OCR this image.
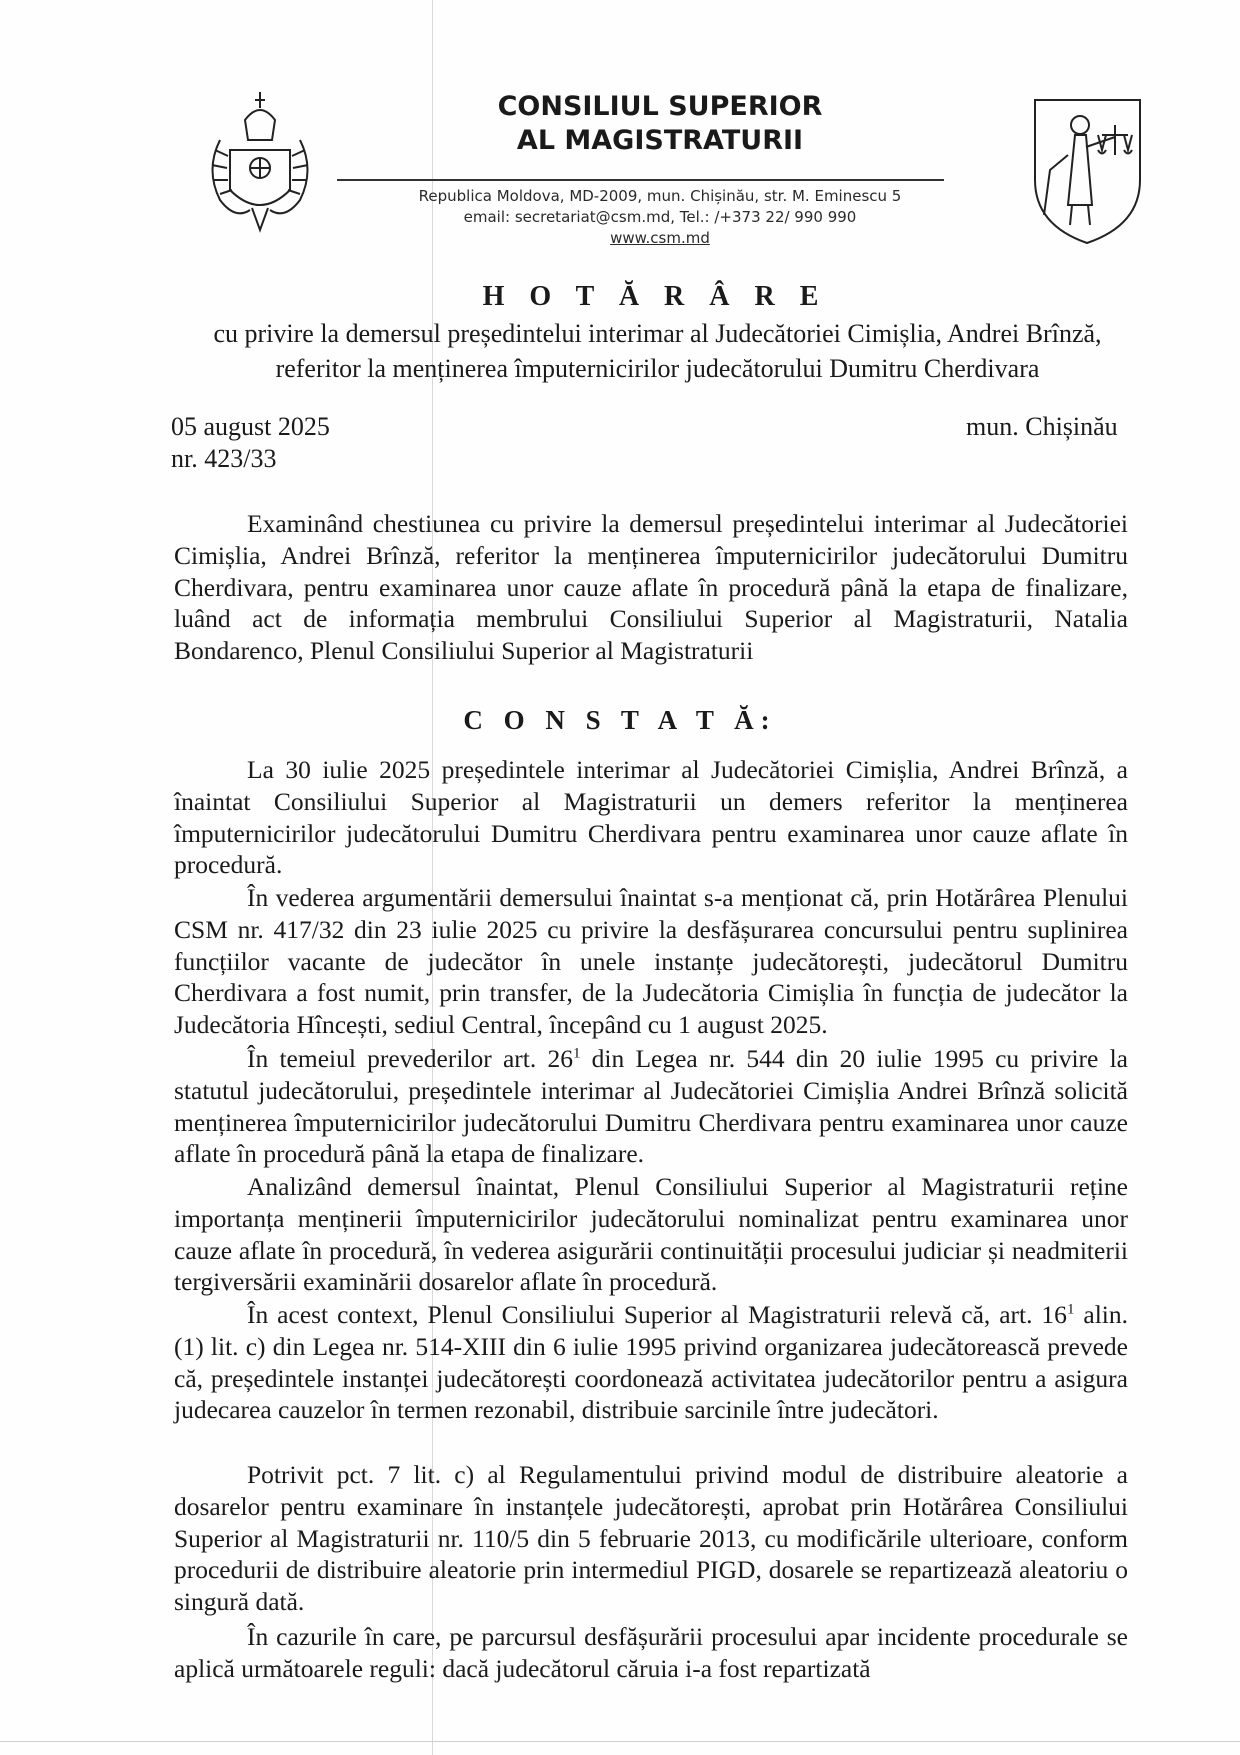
CONSILIUL SUPERIOR
AL MAGISTRATURII
Republica Moldova, MD-2009, mun. Chișinău, str. M. Eminescu 5
email: secretariat@csm.md, Tel.: /+373 22/ 990 990
www.csm.md
H O T Ă R Â R E
cu privire la demersul președintelui interimar al Judecătoriei Cimișlia, Andrei Brînză, referitor la menținerea împuternicirilor judecătorului Dumitru Cherdivara
05 august 2025
nr. 423/33
mun. Chișinău

Examinând chestiunea cu privire la demersul președintelui interimar al Judecătoriei Cimișlia, Andrei Brînză, referitor la menținerea împuternicirilor judecătorului Dumitru Cherdivara, pentru examinarea unor cauze aflate în procedură până la etapa de finalizare, luând act de informația membrului Consiliului Superior al Magistraturii, Natalia Bondarenco, Plenul Consiliului Superior al Magistraturii

C O N S T A T Ă:

La 30 iulie 2025 președintele interimar al Judecătoriei Cimișlia, Andrei Brînză, a înaintat Consiliului Superior al Magistraturii un demers referitor la menținerea împuternicirilor judecătorului Dumitru Cherdivara pentru examinarea unor cauze aflate în procedură.

În vederea argumentării demersului înaintat s-a menționat că, prin Hotărârea Plenului CSM nr. 417/32 din 23 iulie 2025 cu privire la desfășurarea concursului pentru suplinirea funcțiilor vacante de judecător în unele instanțe judecătorești, judecătorul Dumitru Cherdivara a fost numit, prin transfer, de la Judecătoria Cimișlia în funcția de judecător la Judecătoria Hîncești, sediul Central, începând cu 1 august 2025.

În temeiul prevederilor art. $26^1$ din Legea nr. 544 din 20 iulie 1995 cu privire la statutul judecătorului, președintele interimar al Judecătoriei Cimișlia Andrei Brînză solicită menținerea împuternicirilor judecătorului Dumitru Cherdivara pentru examinarea unor cauze aflate în procedură până la etapa de finalizare.

Analizând demersul înaintat, Plenul Consiliului Superior al Magistraturii reține importanța menținerii împuternicirilor judecătorului nominalizat pentru examinarea unor cauze aflate în procedură, în vederea asigurării continuității procesului judiciar și neadmiterii tergiversării examinării dosarelor aflate în procedură.

În acest context, Plenul Consiliului Superior al Magistraturii relevă că, art. $16^1$ alin. (1) lit. c) din Legea nr. 514-XIII din 6 iulie 1995 privind organizarea judecătorească prevede că, președintele instanței judecătorești coordonează activitatea judecătorilor pentru a asigura judecarea cauzelor în termen rezonabil, distribuie sarcinile între judecători.

Potrivit pct. 7 lit. c) al Regulamentului privind modul de distribuire aleatorie a dosarelor pentru examinare în instanțele judecătorești, aprobat prin Hotărârea Consiliului Superior al Magistraturii nr. 110/5 din 5 februarie 2013, cu modificările ulterioare, conform procedurii de distribuire aleatorie prin intermediul PIGD, dosarele se repartizează aleatoriu o singură dată.

În cazurile în care, pe parcursul desfășurării procesului apar incidente procedurale se aplică următoarele reguli: dacă judecătorul căruia i-a fost repartizată
